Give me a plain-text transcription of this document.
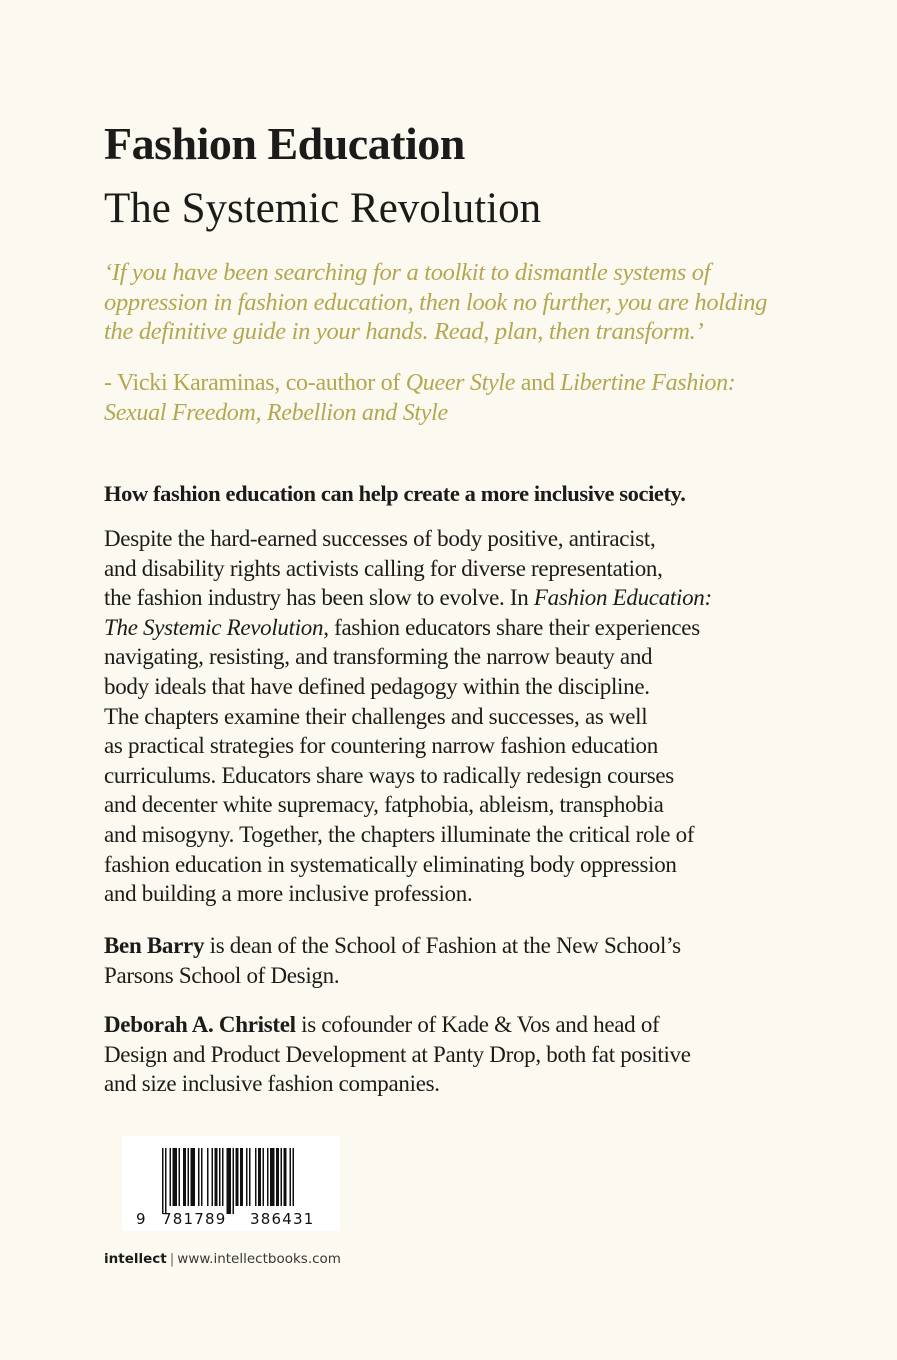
Fashion Education
The Systemic Revolution

‘If you have been searching for a toolkit to dismantle systems of
oppression in fashion education, then look no further, you are holding
the definitive guide in your hands. Read, plan, then transform.’

- Vicki Karaminas, co-author of Queer Style and Libertine Fashion:
Sexual Freedom, Rebellion and Style

How fashion education can help create a more inclusive society.

Despite the hard-earned successes of body positive, antiracist,
and disability rights activists calling for diverse representation,
the fashion industry has been slow to evolve. In Fashion Education:
The Systemic Revolution, fashion educators share their experiences
navigating, resisting, and transforming the narrow beauty and
body ideals that have defined pedagogy within the discipline.
The chapters examine their challenges and successes, as well
as practical strategies for countering narrow fashion education
curriculums. Educators share ways to radically redesign courses
and decenter white supremacy, fatphobia, ableism, transphobia
and misogyny. Together, the chapters illuminate the critical role of
fashion education in systematically eliminating body oppression
and building a more inclusive profession.

Ben Barry is dean of the School of Fashion at the New School’s
Parsons School of Design.

Deborah A. Christel is cofounder of Kade & Vos and head of
Design and Product Development at Panty Drop, both fat positive
and size inclusive fashion companies.

9 781789 386431

intellect | www.intellectbooks.com
